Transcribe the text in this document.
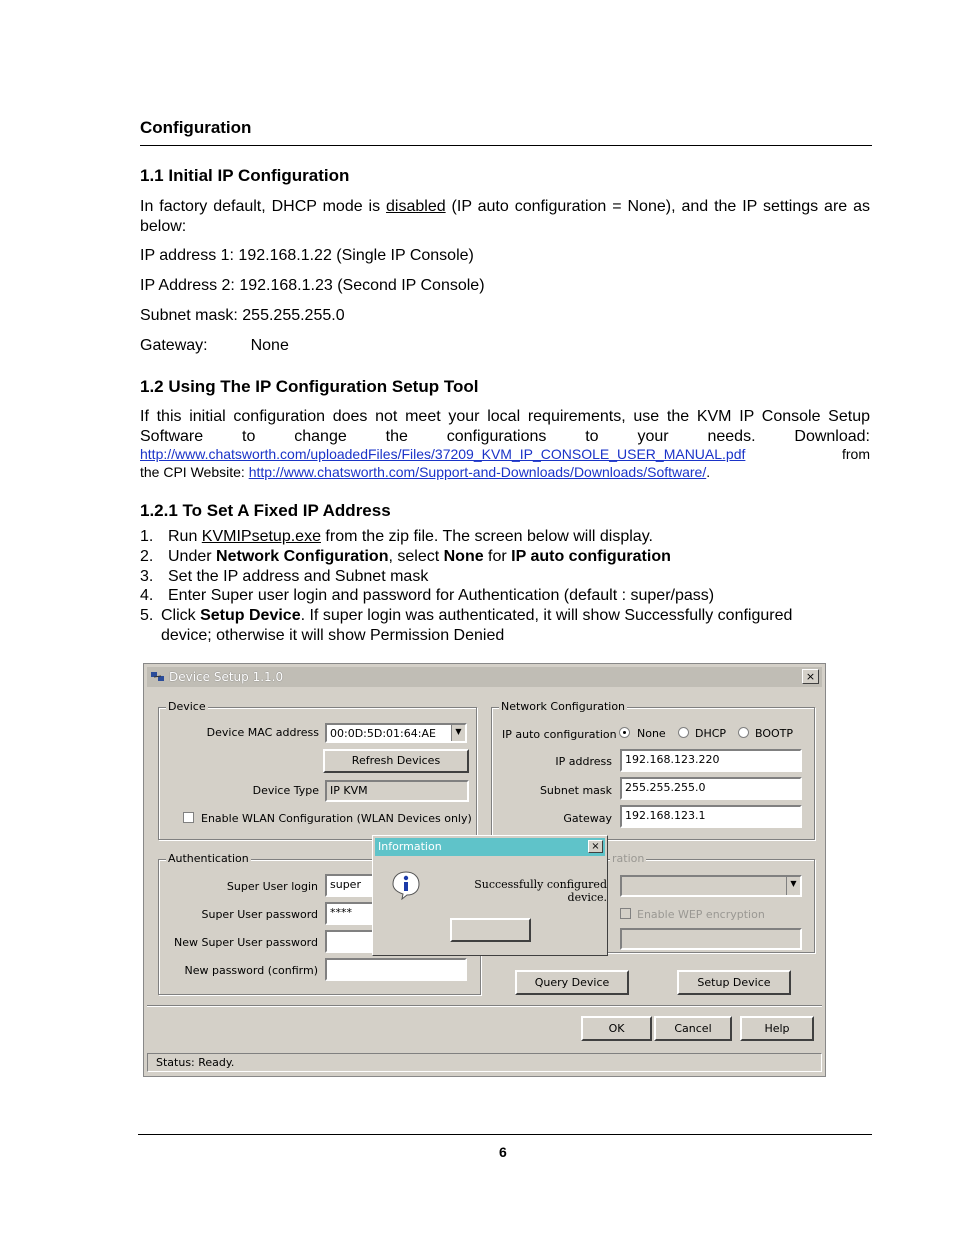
Configuration
1.1 Initial IP Configuration
In factory default, DHCP mode is disabled (IP auto configuration = None), and the IP settings are as below:
IP address 1: 192.168.1.22 (Single IP Console)
IP Address 2: 192.168.1.23 (Second IP Console)
Subnet mask: 255.255.255.0
Gateway:	None
1.2 Using The IP Configuration Setup Tool
If this initial configuration does not meet your local requirements, use the KVM IP Console Setup Software to change the configurations to your needs. Download:
http://www.chatsworth.com/uploadedFiles/Files/37209_KVM_IP_CONSOLE_USER_MANUAL.pdf	from
the CPI Website: http://www.chatsworth.com/Support-and-Downloads/Downloads/Software/.
1.2.1 To Set A Fixed IP Address
1. Run KVMIPsetup.exe from the zip file. The screen below will display.
2. Under Network Configuration, select None for IP auto configuration
3. Set the IP address and Subnet mask
4. Enter Super user login and password for Authentication (default : super/pass)
5. Click Setup Device. If super login was authenticated, it will show Successfully configured
device; otherwise it will show Permission Denied
Device Setup 1.1.0	×
Device
Device MAC address	00:0D:5D:01:64:AE	▼
Refresh Devices
Device Type	IP KVM
Enable WLAN Configuration (WLAN Devices only)
Network Configuration
IP auto configuration None	DHCP	BOOTP
IP address	192.168.123.220
Subnet mask	255.255.255.0
Gateway	192.168.123.1
Authentication
Super User login	super
Super User password	****
New Super User password
New password (confirm)
ration
▼
Enable WEP encryption
Query Device	Setup Device
OK	Cancel	Help
Status: Ready.
Information	×
Successfully configured device.
6
